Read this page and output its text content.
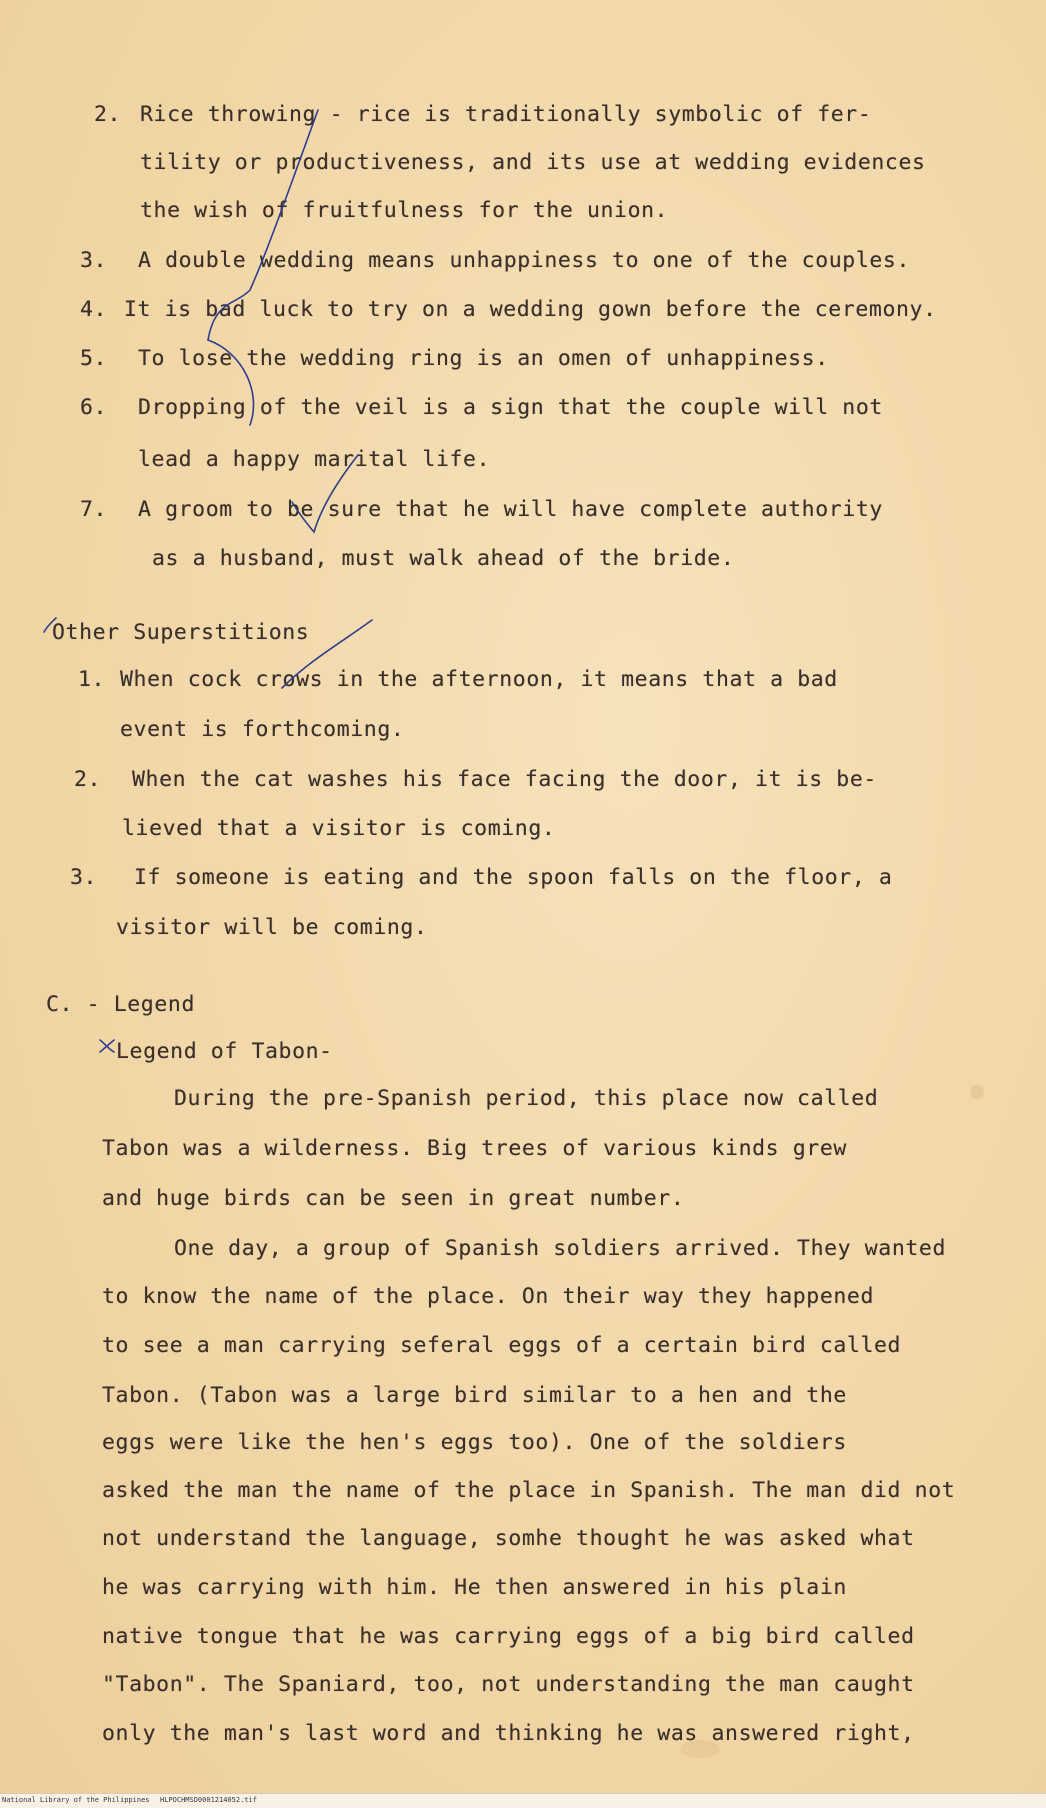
2. Rice throwing - rice is traditionally symbolic of fer-
tility or productiveness, and its use at wedding evidences
the wish of fruitfulness for the union.
3. A double wedding means unhappiness to one of the couples.
4. It is bad luck to try on a wedding gown before the ceremony.
5. To lose the wedding ring is an omen of unhappiness.
6. Dropping of the veil is a sign that the couple will not
lead a happy marital life.
7. A groom to be sure that he will have complete authority
as a husband, must walk ahead of the bride.
Other Superstitions
1. When cock crows in the afternoon, it means that a bad
event is forthcoming.
2. When the cat washes his face facing the door, it is be-
lieved that a visitor is coming.
3. If someone is eating and the spoon falls on the floor, a
visitor will be coming.
C. - Legend
Legend of Tabon-
During the pre-Spanish period, this place now called
Tabon was a wilderness. Big trees of various kinds grew
and huge birds can be seen in great number.
One day, a group of Spanish soldiers arrived. They wanted
to know the name of the place. On their way they happened
to see a man carrying seferal eggs of a certain bird called
Tabon. (Tabon was a large bird similar to a hen and the
eggs were like the hen's eggs too). One of the soldiers
asked the man the name of the place in Spanish. The man did not
not understand the language, somhe thought he was asked what
he was carrying with him. He then answered in his plain
native tongue that he was carrying eggs of a big bird called
"Tabon". The Spaniard, too, not understanding the man caught
only the man's last word and thinking he was answered right,
National Library of the Philippines HLPOCHMSD0001214052.tif
